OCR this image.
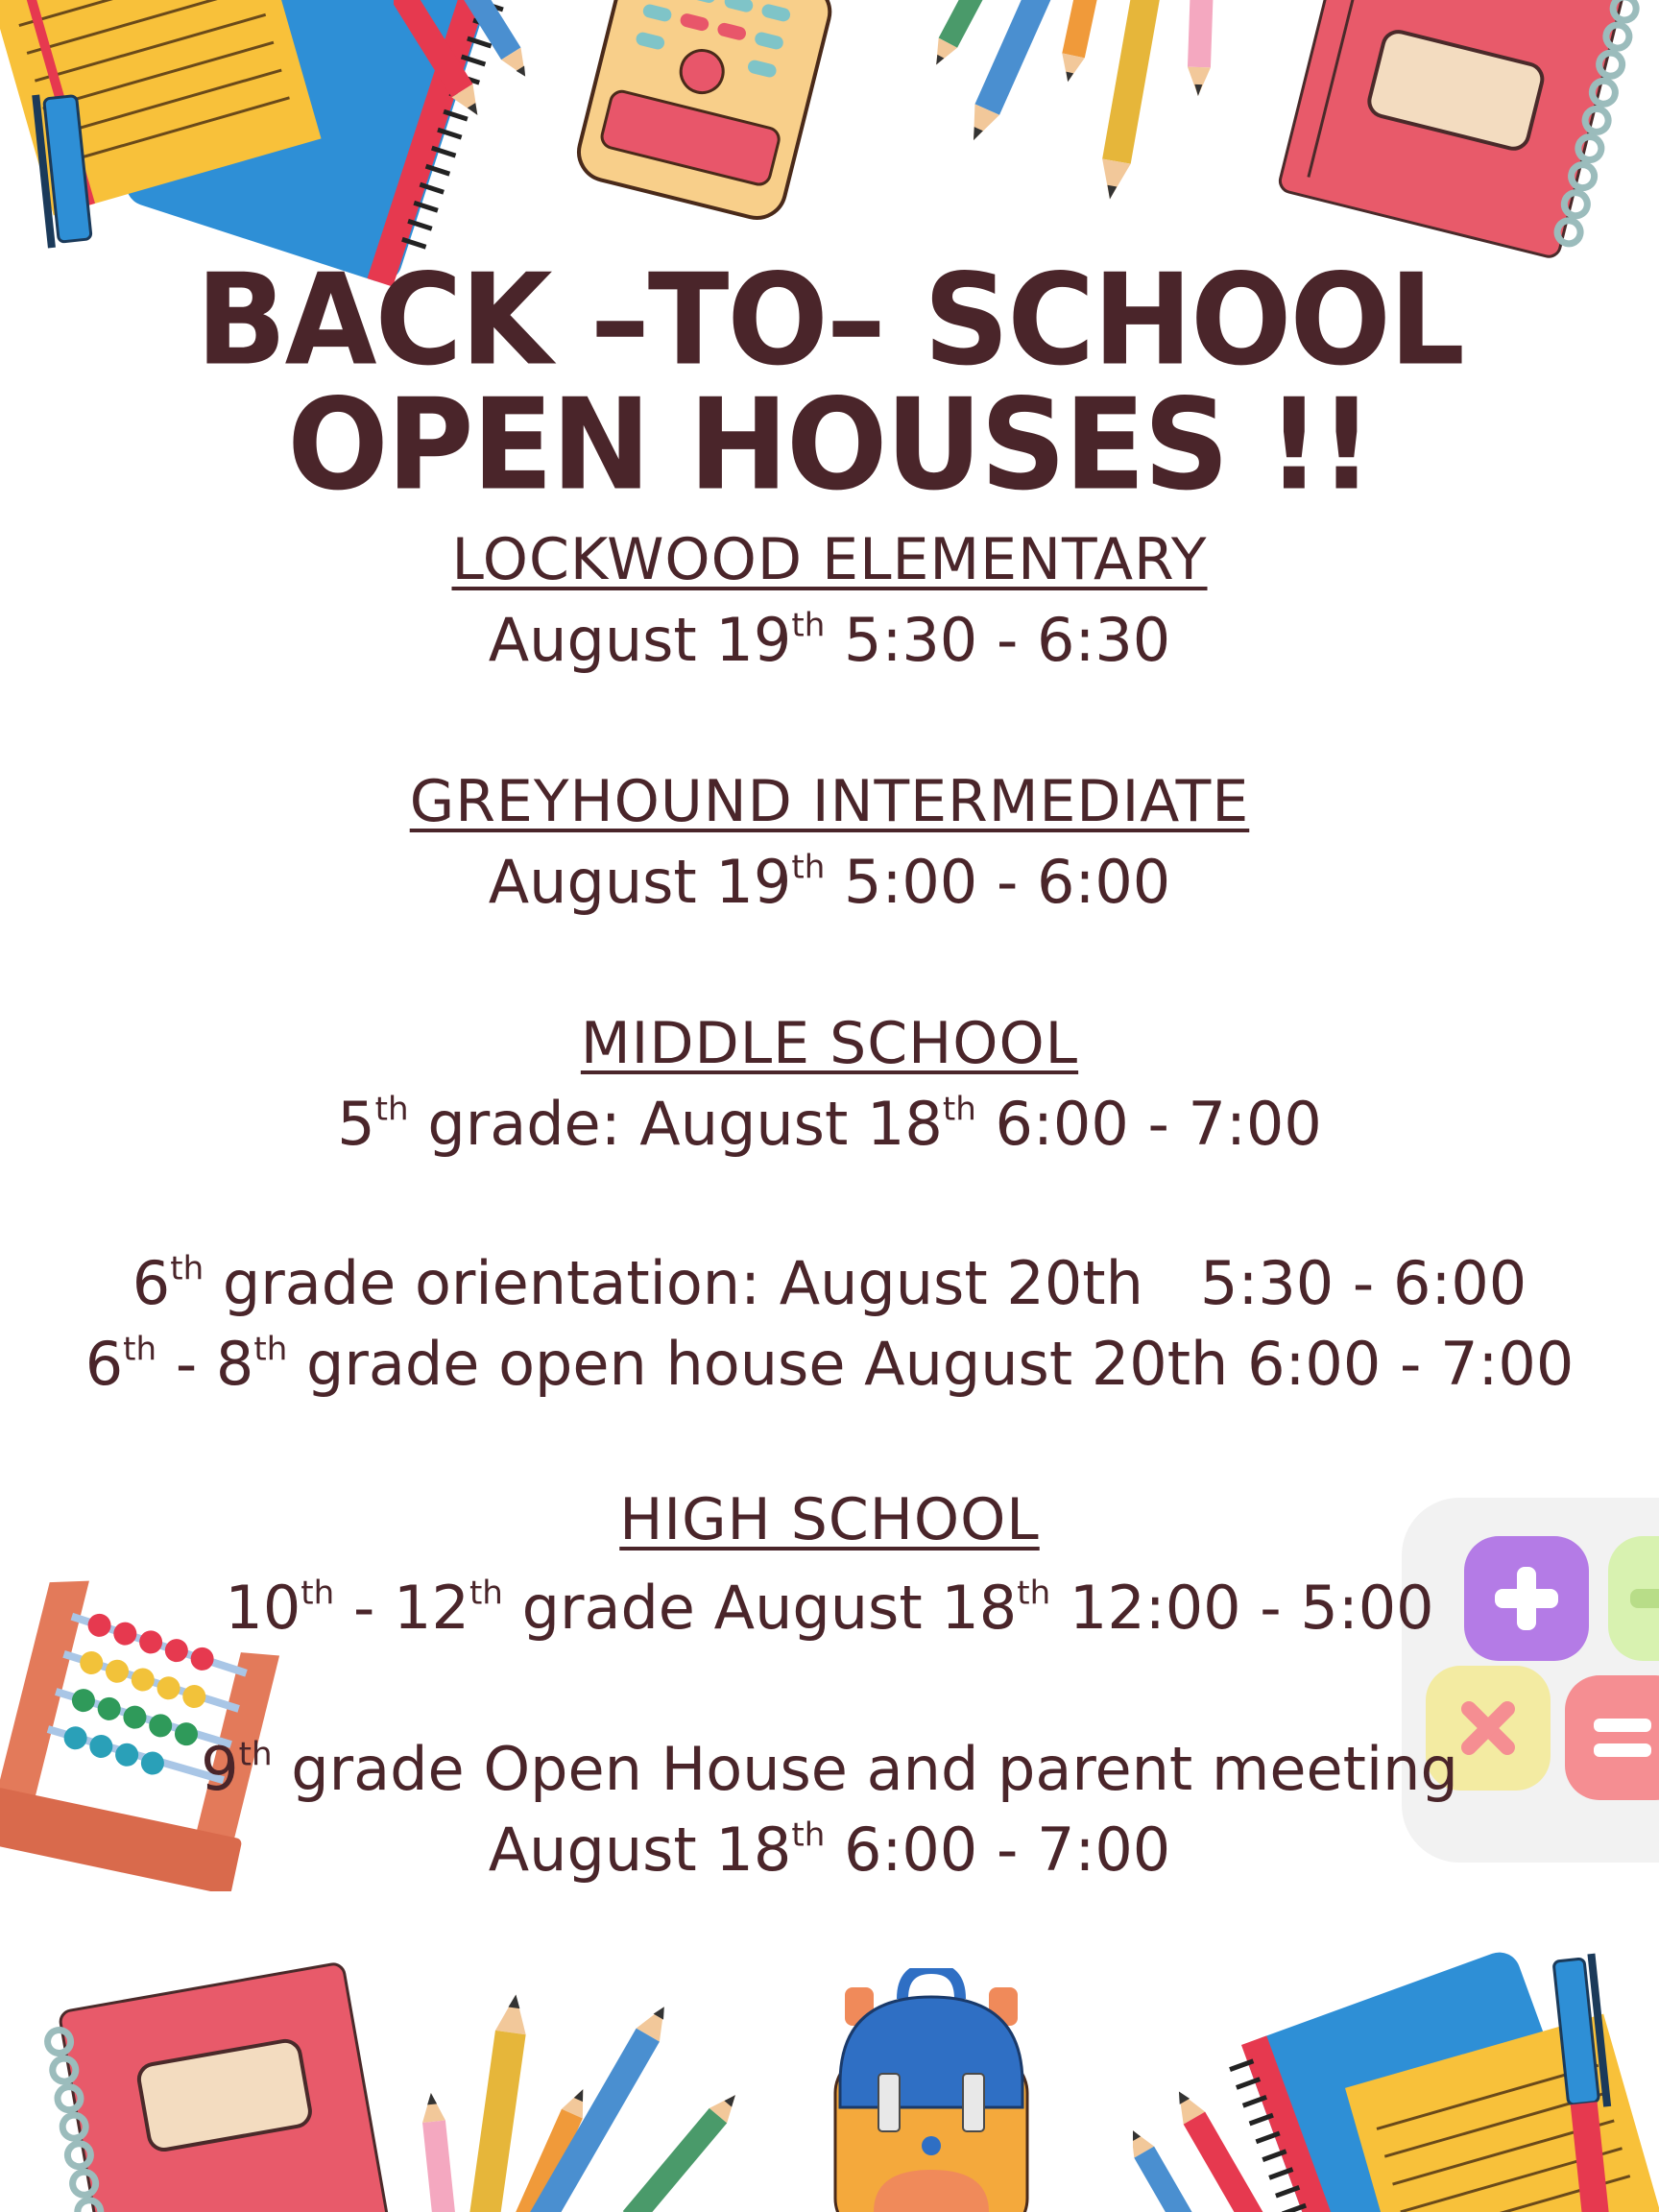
BACK –TO– SCHOOL
OPEN HOUSES !!
LOCKWOOD ELEMENTARY
August 19th 5:30 - 6:30
GREYHOUND INTERMEDIATE
August 19th 5:00 - 6:00
MIDDLE SCHOOL
5th grade: August 18th 6:00 - 7:00
6th grade orientation: August 20th   5:30 - 6:00
6th - 8th grade open house August 20th 6:00 - 7:00
HIGH SCHOOL
10th - 12th grade August 18th 12:00 - 5:00
9th grade Open House and parent meeting
August 18th 6:00 - 7:00
